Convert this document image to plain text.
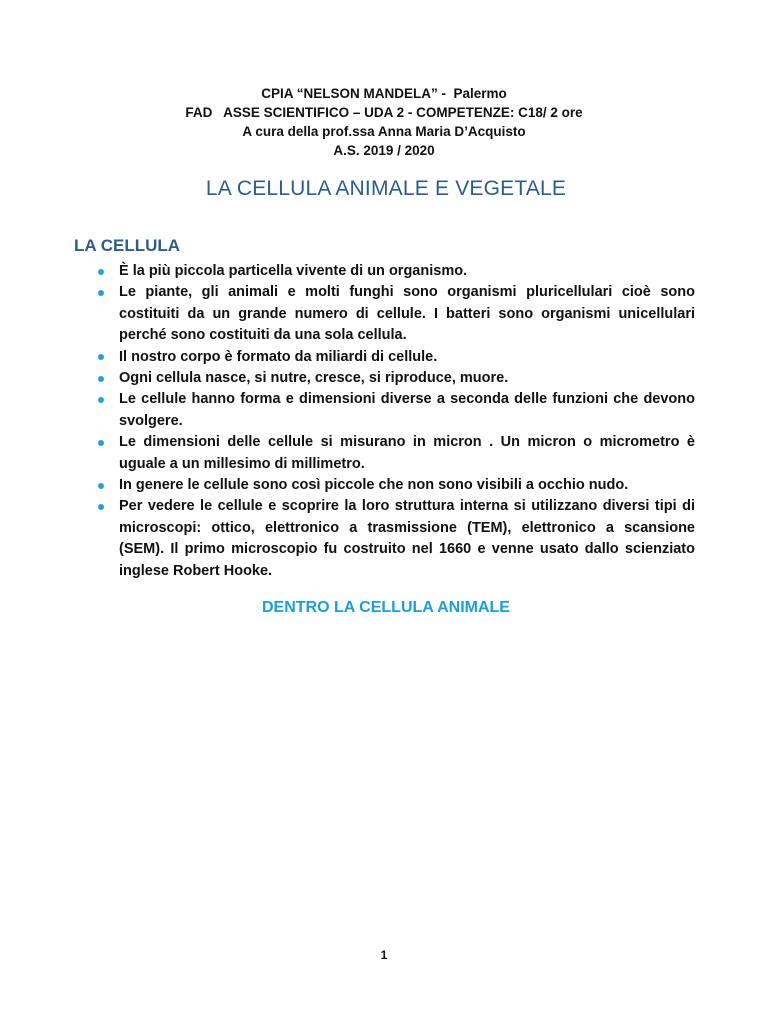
CPIA “NELSON MANDELA” -  Palermo
FAD   ASSE SCIENTIFICO – UDA 2 - COMPETENZE: C18/ 2 ore
A cura della prof.ssa Anna Maria D’Acquisto
A.S. 2019 / 2020
LA CELLULA ANIMALE E VEGETALE
LA CELLULA
È la più piccola particella vivente di un organismo.
Le piante, gli animali e molti funghi sono organismi pluricellulari cioè sono costituiti da un grande numero di cellule. I batteri sono organismi unicellulari perché sono costituiti da una sola cellula.
Il nostro corpo è formato da miliardi di cellule.
Ogni cellula nasce, si nutre, cresce, si riproduce, muore.
Le cellule hanno forma e dimensioni diverse a seconda delle funzioni che devono svolgere.
Le dimensioni delle cellule si misurano in micron . Un micron o micrometro è uguale a un millesimo di millimetro.
In genere le cellule sono così piccole che non sono visibili a occhio nudo.
Per vedere le cellule e scoprire la loro struttura interna si utilizzano diversi tipi di microscopi: ottico, elettronico a trasmissione (TEM), elettronico a scansione (SEM). Il primo microscopio fu costruito nel 1660 e venne usato dallo scienziato inglese Robert Hooke.
DENTRO LA CELLULA ANIMALE
1
